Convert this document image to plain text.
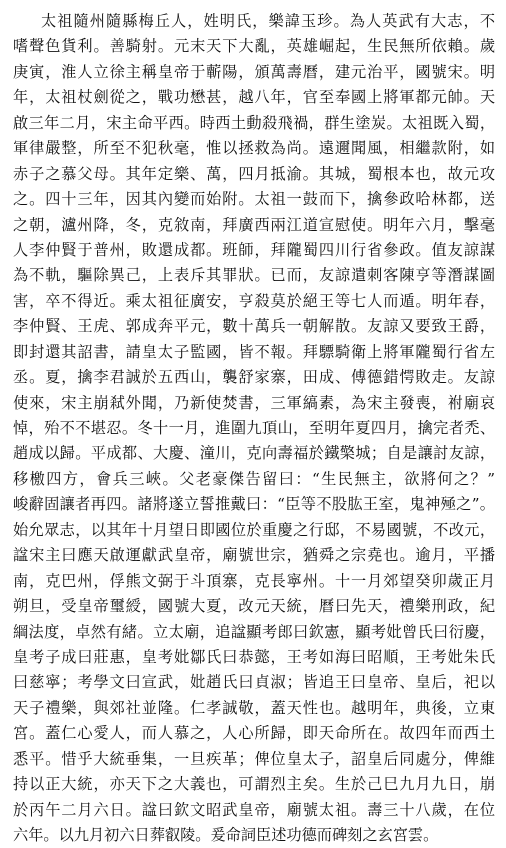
太祖隨州隨縣梅丘人，姓明氏，樂諱玉珍。為人英武有大志，不
嗜聲色貨利。善騎射。元末天下大亂，英雄崛起，生民無所依賴。歲
庚寅，淮人立徐主稱皇帝于蘄陽，頒萬壽曆，建元治平，國號宋。明
年，太祖杖劍從之，戰功懋甚，越八年，官至奉國上將軍都元帥。天
啟三年二月，宋主命平西。時西土動殺飛禍，群生塗炭。太祖既入蜀，
軍律嚴整，所至不犯秋毫，惟以拯救為尚。遠邇聞風，相繼款附，如
赤子之慕父母。其年定樂、萬，四月抵渝。其城，蜀根本也，故元攻
之。四十三年，因其內變而始附。太祖一鼓而下，擒參政哈林都，送
之朝，瀘州降，冬，克敘南，拜廣西兩江道宣慰使。明年六月，擊毫
人李仲賢于普州，敗還成都。班師，拜隴蜀四川行省參政。值友諒謀
為不軌，驅除異己，上表斥其罪狀。已而，友諒遣刺客陳亨等潛謀圖
害，卒不得近。乘太祖征廣安，亨殺莫於絕王等七人而遁。明年春，
李仲賢、王虎、郭成奔平元，數十萬兵一朝解散。友諒又要致王爵，
即封還其詔書，請皇太子監國，皆不報。拜驃騎衛上將軍隴蜀行省左
丞。夏，擒李君誠於五西山，襲舒家寨，田成、傅德錯愕敗走。友諒
使來，宋主崩弒外聞，乃新使焚書，三軍縞素，為宋主發喪，祔廟哀
悼，殆不不堪忍。冬十一月，進圍九頂山，至明年夏四月，擒完者禿、
趙成以歸。平成都、大慶、潼川，克向壽福於鐵檠城；自是讓討友諒，
移檄四方，會兵三峽。父老豪傑告留曰：“生民無主，欲將何之？”
峻辭固讓者再四。諸將遂立誓推戴曰：“臣等不股肱王室，鬼神殛之”。
始允眾志，以其年十月望日即國位於重慶之行邸，不易國號，不改元，
諡宋主曰應天啟運獻武皇帝，廟號世宗，猶舜之宗堯也。逾月，平播
南，克巴州，俘熊文弼于斗頂寨，克長寧州。十一月郊望癸卯歲正月
朔旦，受皇帝璽綬，國號大夏，改元天統，曆曰先天，禮樂刑政，紀
綱法度，卓然有緒。立太廟，追諡顯考郎曰欽憲，顯考妣曾氏曰衍慶，
皇考子成曰莊惠，皇考妣鄒氏曰恭懿，王考如海曰昭順，王考妣朱氏
曰慈寧；考學文曰宣武，妣趙氏曰貞淑；皆追王曰皇帝、皇后，祀以
天子禮樂，與郊社並隆。仁孝誠敬，蓋天性也。越明年，典後，立東
宮。蓋仁心愛人，而人慕之，人心所歸，即天命所在。故四年而西土
悉平。惜乎大統垂集，一旦疾革；俾位皇太子，詔皇后同處分，俾維
持以正大統，亦天下之大義也，可謂烈主矣。生於己巳九月九日，崩
於丙午二月六日。諡曰欽文昭武皇帝，廟號太祖。壽三十八歲，在位
六年。以九月初六日葬叡陵。爰命詞臣述功德而碑刻之玄宮雲。
